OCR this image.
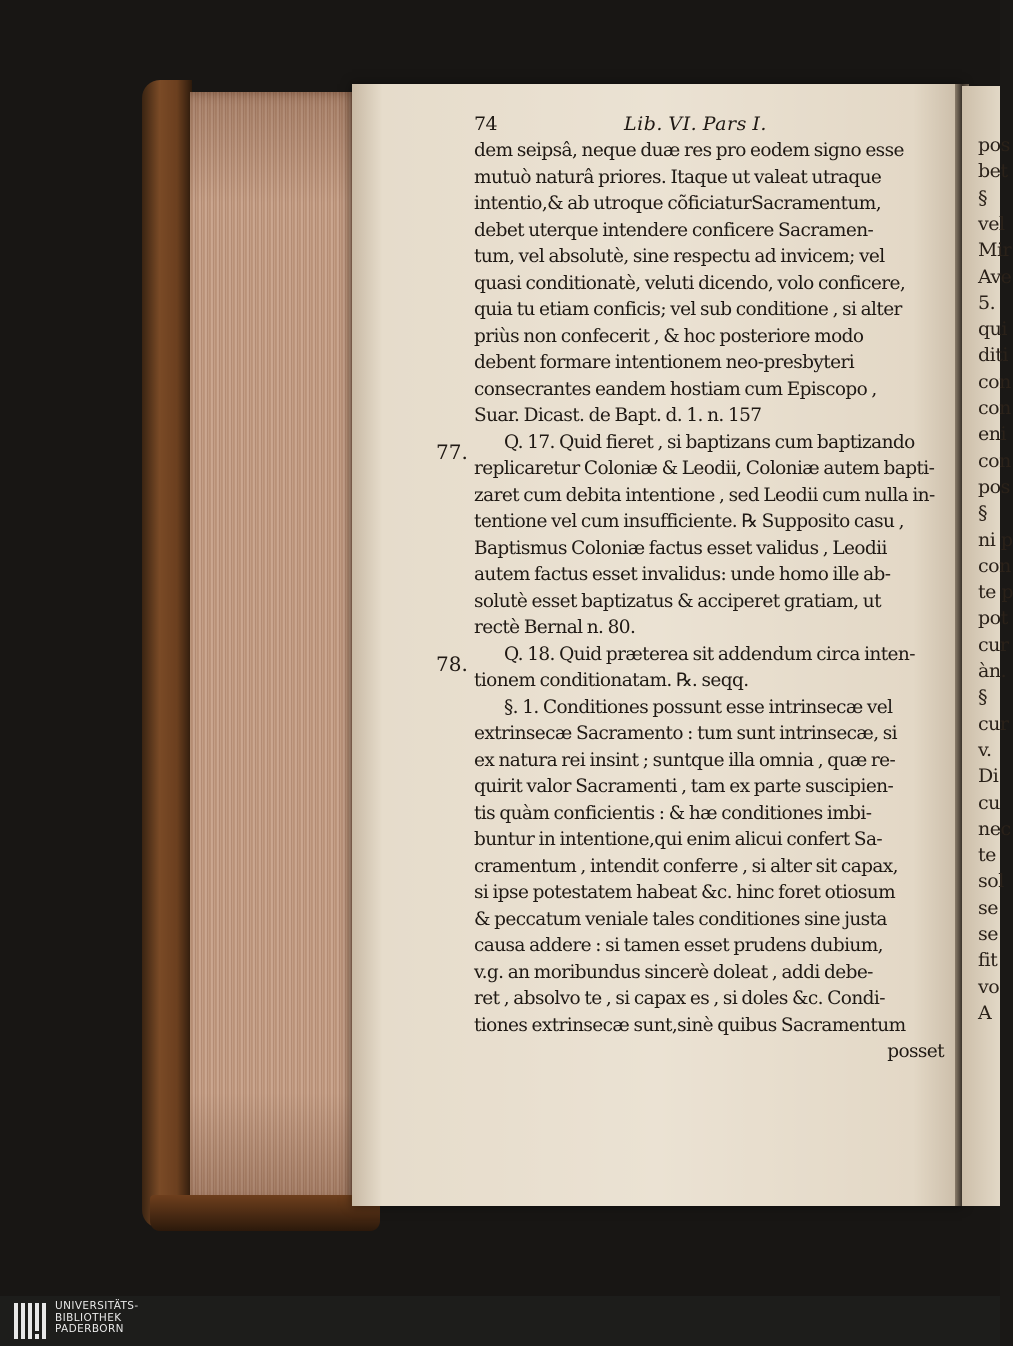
pos
bet
§
vel
Mir
Ave
5.
qui
diti
con
con
eni
con
pos
§
ni p
con
te p
pot
cur
àn.
§
cur
v.
Di
cu
nec
te
sol
se
se
fit
vo
A
74	Lib. VI. Pars I.
dem seipsâ, neque duæ res pro eodem signo esse
mutuò naturâ priores. Itaque ut valeat utraque
intentio,& ab utroque cõficiaturSacramentum,
debet uterque intendere conficere Sacramen-
tum, vel absolutè, sine respectu ad invicem; vel
quasi conditionatè, veluti dicendo, volo conficere,
quia tu etiam conficis; vel sub conditione , si alter
priùs non confecerit , & hoc posteriore modo
debent formare intentionem neo-presbyteri
consecrantes eandem hostiam cum Episcopo ,
Suar. Dicast. de Bapt. d. 1. n. 157
Q. 17. Quid fieret , si baptizans cum baptizando
replicaretur Coloniæ & Leodii, Coloniæ autem bapti-
zaret cum debita intentione , sed Leodii cum nulla in-
tentione vel cum insufficiente. ℞ Supposito casu ,
Baptismus Coloniæ factus esset validus , Leodii
autem factus esset invalidus: unde homo ille ab-
solutè esset baptizatus & acciperet gratiam, ut
rectè Bernal n. 80.
Q. 18. Quid præterea sit addendum circa inten-
tionem conditionatam. ℞. seqq.
§. 1. Conditiones possunt esse intrinsecæ vel
extrinsecæ Sacramento : tum sunt intrinsecæ, si
ex natura rei insint ; suntque illa omnia , quæ re-
quirit valor Sacramenti , tam ex parte suscipien-
tis quàm conficientis : & hæ conditiones imbi-
buntur in intentione,qui enim alicui confert Sa-
cramentum , intendit conferre , si alter sit capax,
si ipse potestatem habeat &c. hinc foret otiosum
& peccatum veniale tales conditiones sine justa
causa addere : si tamen esset prudens dubium,
v.g. an moribundus sincerè doleat , addi debe-
ret , absolvo te , si capax es , si doles &c. Condi-
tiones extrinsecæ sunt,sinè quibus Sacramentum
posset
77.
78.
UNIVERSITÄTS-
BIBLIOTHEK
PADERBORN
